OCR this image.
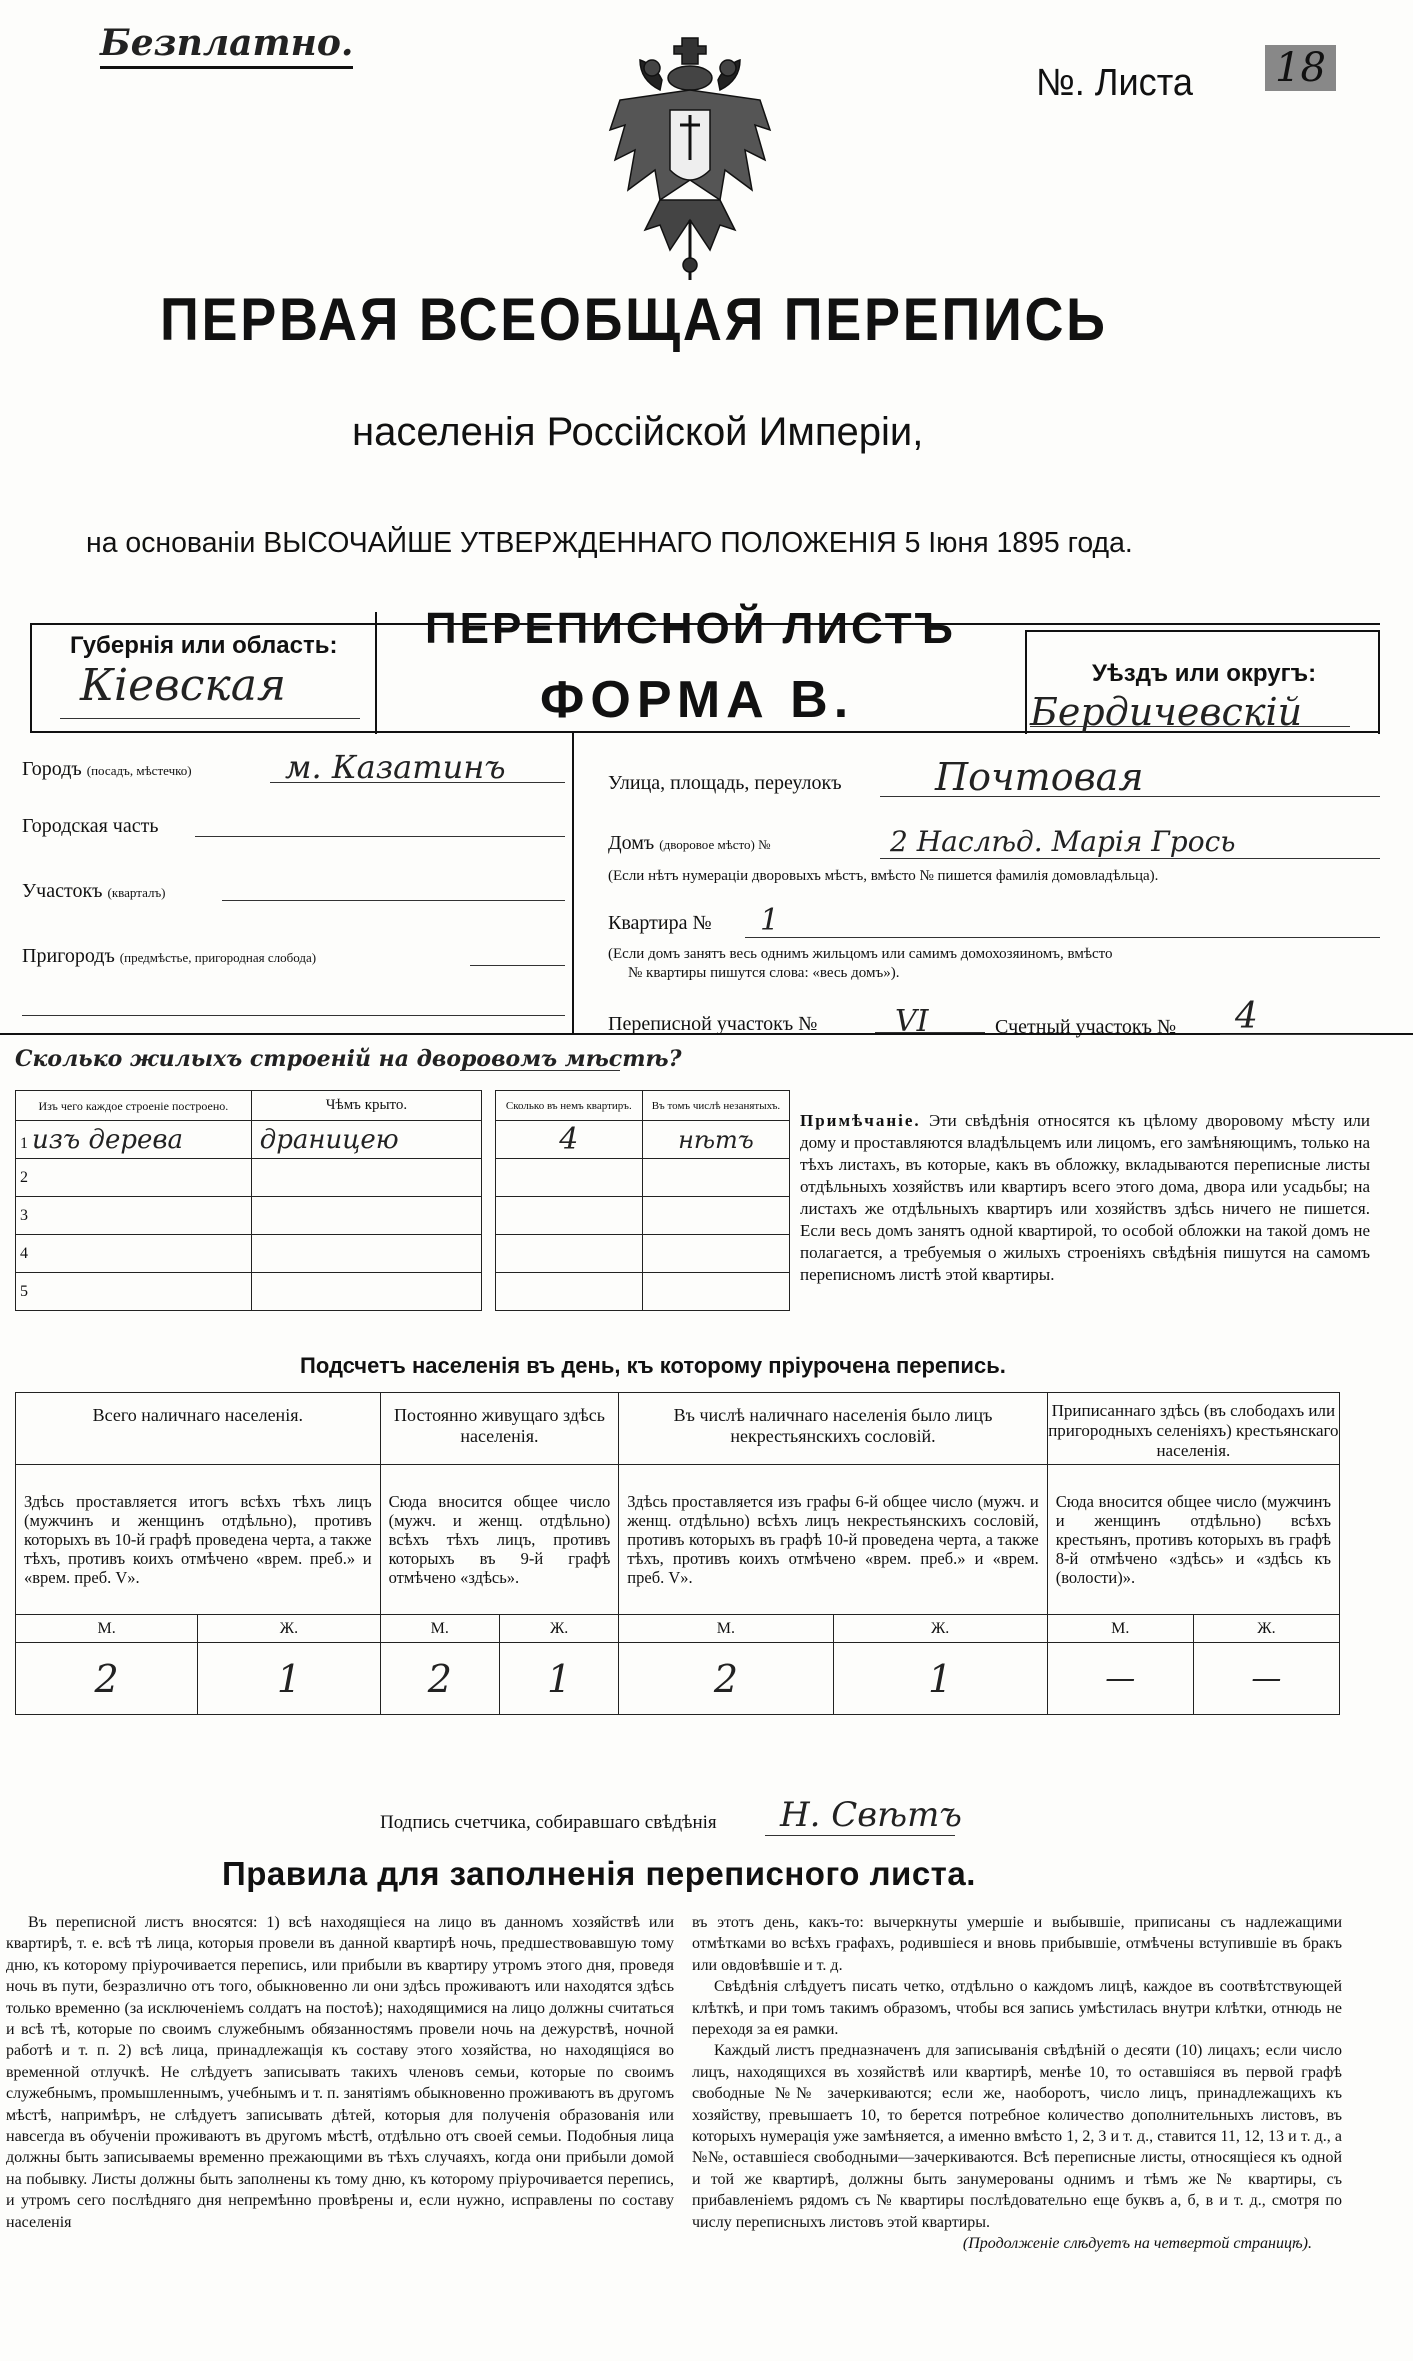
Безплатно.
№. Листа 18
ПЕРВАЯ ВСЕОБЩАЯ ПЕРЕПИСЬ
населенія Россійской Имперіи,
на основаніи ВЫСОЧАЙШЕ УТВЕРЖДЕННАГО ПОЛОЖЕНІЯ 5 Іюня 1895 года.
Губернія или область:
Кіевская
ПЕРЕПИСНОЙ ЛИСТЪ
ФОРМА В.	Уѣздъ или округъ:
Бердичевскій
Городъ (посадъ, мѣстечко)	м. Казатинъ
Городская часть
Участокъ (кварталъ)
Пригородъ (предмѣстье, пригородная слобода)
Улица, площадь, переулокъ Почтовая
Домъ (дворовое мѣсто) №	2 Наслѣд. Марія Грось
(Если нѣтъ нумераціи дворовыхъ мѣстъ, вмѣсто № пишется фамилія домовладѣльца).
Квартира № 1
(Если домъ занятъ весь однимъ жильцомъ или самимъ домохозяиномъ, вмѣсто
№ квартиры пишутся слова: «весь домъ»).
Переписной участокъ №	VI	Счетный участокъ № 4
Сколько жилыхъ строеній на дворовомъ мѣстѣ?
Изъ чего каждое строеніе построено.	Чѣмъ крыто.		Сколько въ немъ квартиръ.	Въ томъ числѣ незанятыхъ.
1 изъ дерева	драницею		4	нѣтъ
2				
3				
4				
5				
Примѣчаніе. Эти свѣдѣнія относятся къ цѣлому дворовому мѣсту или дому и проставляются владѣльцемъ или лицомъ, его замѣняющимъ, только на тѣхъ листахъ, въ которые, какъ въ обложку, вкладываются переписные листы отдѣльныхъ хозяйствъ или квартиръ всего этого дома, двора или усадьбы; на листахъ же отдѣльныхъ квартиръ или хозяйствъ здѣсь ничего не пишется. Если весь домъ занятъ одной квартирой, то особой обложки на такой домъ не полагается, а требуемыя о жилыхъ строеніяхъ свѣдѣнія пишутся на самомъ переписномъ листѣ этой квартиры.
Подсчетъ населенія въ день, къ которому пріурочена перепись.
Всего наличнаго населенія.		Постоянно живущаго здѣсь населенія.		Въ числѣ наличнаго населенія было лицъ некрестьянскихъ сословій.		Приписаннаго здѣсь (въ слободахъ или пригородныхъ селеніяхъ) крестьянскаго населенія.	
Здѣсь проставляется итогъ всѣхъ тѣхъ лицъ (мужчинъ и женщинъ отдѣльно), противъ которыхъ въ 10-й графѣ проведена черта, а также тѣхъ, противъ коихъ отмѣчено «врем. преб.» и «врем. преб. V».		Сюда вносится общее число (мужч. и женщ. отдѣльно) всѣхъ тѣхъ лицъ, противъ которыхъ въ 9-й графѣ отмѣчено «здѣсь».		Здѣсь проставляется изъ графы 6-й общее число (мужч. и женщ. отдѣльно) всѣхъ лицъ некрестьянскихъ сословій, противъ которыхъ въ графѣ 10-й проведена черта, а также тѣхъ, противъ коихъ отмѣчено «врем. преб.» и «врем. преб. V».		Сюда вносится общее число (мужчинъ и женщинъ отдѣльно) всѣхъ крестьянъ, противъ которыхъ въ графѣ 8-й отмѣчено «здѣсь» и «здѣсь къ (волости)».	
М.	Ж.	М.	Ж.	М.	Ж.	М.	Ж.
2	1	2	1	2	1	—	—
Подпись счетчика, собиравшаго свѣдѣнія Н. Свѣтъ
Правила для заполненія переписного листа.
Въ переписной листъ вносятся: 1) всѣ находящіеся на лицо въ данномъ хозяйствѣ или квартирѣ, т. е. всѣ тѣ лица, которыя провели въ данной квартирѣ ночь, предшествовавшую тому дню, къ которому пріурочивается перепись, или прибыли въ квартиру утромъ этого дня, проведя ночь въ пути, безразлично отъ того, обыкновенно ли они здѣсь проживаютъ или находятся здѣсь только временно (за исключеніемъ солдатъ на постоѣ); находящимися на лицо должны считаться и всѣ тѣ, которые по своимъ служебнымъ обязанностямъ провели ночь на дежурствѣ, ночной работѣ и т. п. 2) всѣ лица, принадлежащія къ составу этого хозяйства, но находящіяся во временной отлучкѣ. Не слѣдуетъ записывать такихъ членовъ семьи, которые по своимъ служебнымъ, промышленнымъ, учебнымъ и т. п. занятіямъ обыкновенно проживаютъ въ другомъ мѣстѣ, напримѣръ, не слѣдуетъ записывать дѣтей, которыя для полученія образованія или навсегда въ обученіи проживаютъ въ другомъ мѣстѣ, отдѣльно отъ своей семьи. Подобныя лица должны быть записываемы временно прежающими въ тѣхъ случаяхъ, когда они прибыли домой на побывку. Листы должны быть заполнены къ тому дню, къ которому пріурочивается перепись, и утромъ сего послѣдняго дня непремѣнно провѣрены и, если нужно, исправлены по составу населенія
въ этотъ день, какъ-то: вычеркнуты умершіе и выбывшіе, приписаны съ надлежащими отмѣтками во всѣхъ графахъ, родившіеся и вновь прибывшіе, отмѣчены вступившіе въ бракъ или овдовѣвшіе и т. д.
Свѣдѣнія слѣдуетъ писать четко, отдѣльно о каждомъ лицѣ, каждое въ соотвѣтствующей клѣткѣ, и при томъ такимъ образомъ, чтобы вся запись умѣстилась внутри клѣтки, отнюдь не переходя за ея рамки.
Каждый листъ предназначенъ для записыванія свѣдѣній о десяти (10) лицахъ; если число лицъ, находящихся въ хозяйствѣ или квартирѣ, менѣе 10, то оставшіяся въ первой графѣ свободные №№ зачеркиваются; если же, наоборотъ, число лицъ, принадлежащихъ къ хозяйству, превышаетъ 10, то берется потребное количество дополнительныхъ листовъ, въ которыхъ нумерація уже замѣняется, а именно вмѣсто 1, 2, 3 и т. д., ставится 11, 12, 13 и т. д., а №№, оставшіеся свободными—зачеркиваются. Всѣ переписные листы, относящіеся къ одной и той же квартирѣ, должны быть занумерованы однимъ и тѣмъ же № квартиры, съ прибавленіемъ рядомъ съ № квартиры послѣдовательно еще буквъ а, б, в и т. д., смотря по числу переписныхъ листовъ этой квартиры.
(Продолженіе слѣдуетъ на четвертой страницѣ).
